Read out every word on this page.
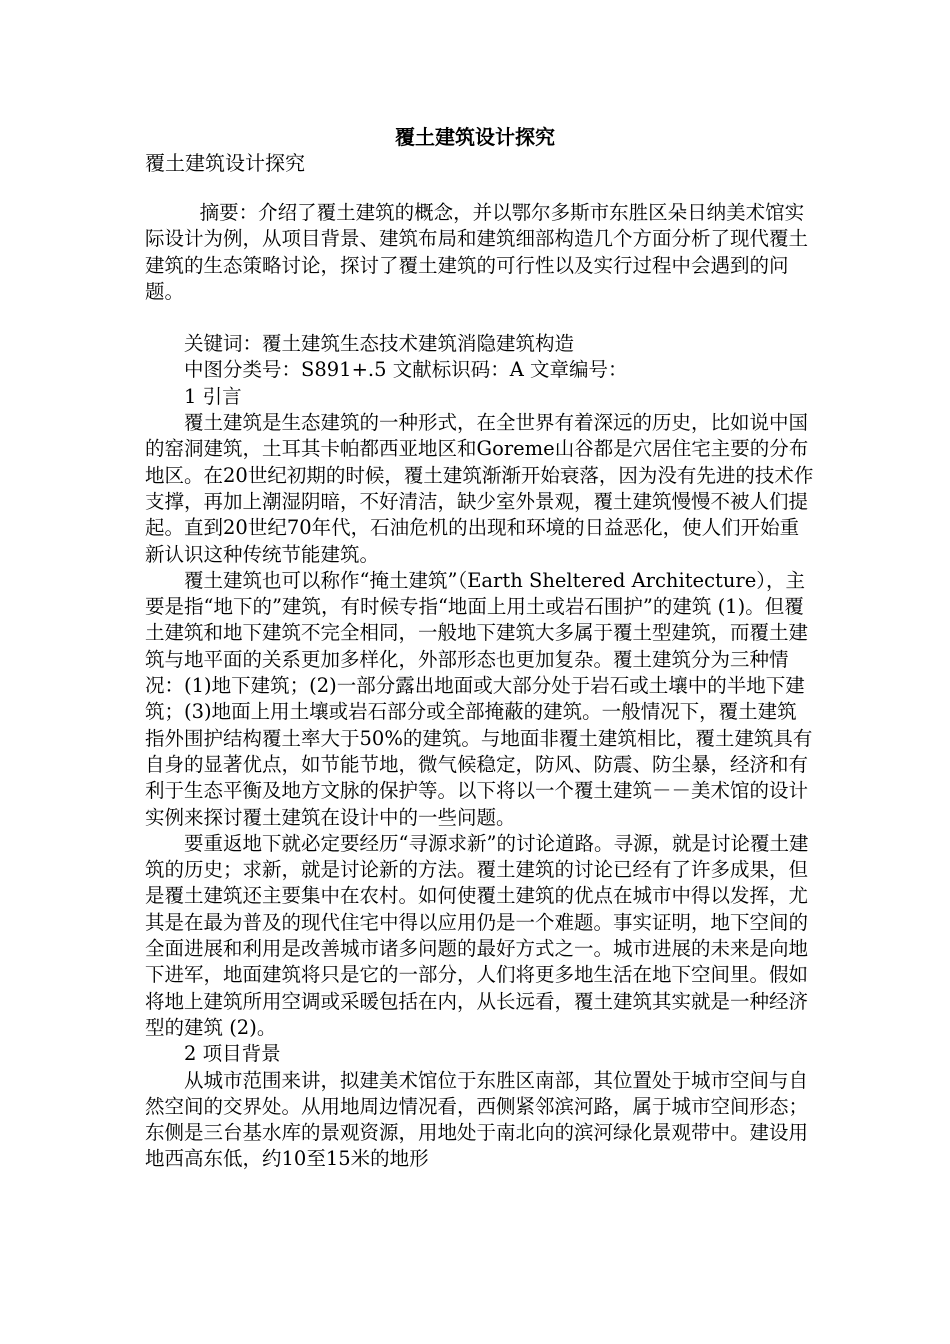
覆土建筑设计探究
覆土建筑设计探究

摘要：介绍了覆土建筑的概念，并以鄂尔多斯市东胜区朵日纳美术馆实际设计为例，从项目背景、建筑布局和建筑细部构造几个方面分析了现代覆土建筑的生态策略讨论，探讨了覆土建筑的可行性以及实行过程中会遇到的问题。

关键词：覆土建筑生态技术建筑消隐建筑构造

中图分类号：S891+.5 文献标识码：A 文章编号：

1 引言

覆土建筑是生态建筑的一种形式，在全世界有着深远的历史，比如说中国的窑洞建筑，土耳其卡帕都西亚地区和Goreme山谷都是穴居住宅主要的分布地区。在20世纪初期的时候，覆土建筑渐渐开始衰落，因为没有先进的技术作支撑，再加上潮湿阴暗，不好清洁，缺少室外景观，覆土建筑慢慢不被人们提起。直到20世纪70年代，石油危机的出现和环境的日益恶化，使人们开始重新认识这种传统节能建筑。

覆土建筑也可以称作“掩土建筑”（Earth Sheltered Architecture），主要是指“地下的”建筑，有时候专指“地面上用土或岩石围护”的建筑 (1)。但覆土建筑和地下建筑不完全相同，一般地下建筑大多属于覆土型建筑，而覆土建筑与地平面的关系更加多样化，外部形态也更加复杂。覆土建筑分为三种情况：(1)地下建筑；(2)一部分露出地面或大部分处于岩石或土壤中的半地下建筑；(3)地面上用土壤或岩石部分或全部掩蔽的建筑。一般情况下，覆土建筑指外围护结构覆土率大于50%的建筑。与地面非覆土建筑相比，覆土建筑具有自身的显著优点，如节能节地，微气候稳定，防风、防震、防尘暴，经济和有利于生态平衡及地方文脉的保护等。以下将以一个覆土建筑－－美术馆的设计实例来探讨覆土建筑在设计中的一些问题。

要重返地下就必定要经历“寻源求新”的讨论道路。寻源，就是讨论覆土建筑的历史；求新，就是讨论新的方法。覆土建筑的讨论已经有了许多成果，但是覆土建筑还主要集中在农村。如何使覆土建筑的优点在城市中得以发挥，尤其是在最为普及的现代住宅中得以应用仍是一个难题。事实证明，地下空间的全面进展和利用是改善城市诸多问题的最好方式之一。城市进展的未来是向地下进军，地面建筑将只是它的一部分，人们将更多地生活在地下空间里。假如将地上建筑所用空调或采暖包括在内，从长远看，覆土建筑其实就是一种经济型的建筑 (2)。

2 项目背景

从城市范围来讲，拟建美术馆位于东胜区南部，其位置处于城市空间与自然空间的交界处。从用地周边情况看，西侧紧邻滨河路，属于城市空间形态；东侧是三台基水库的景观资源，用地处于南北向的滨河绿化景观带中。建设用地西高东低，约10至15米的地形
